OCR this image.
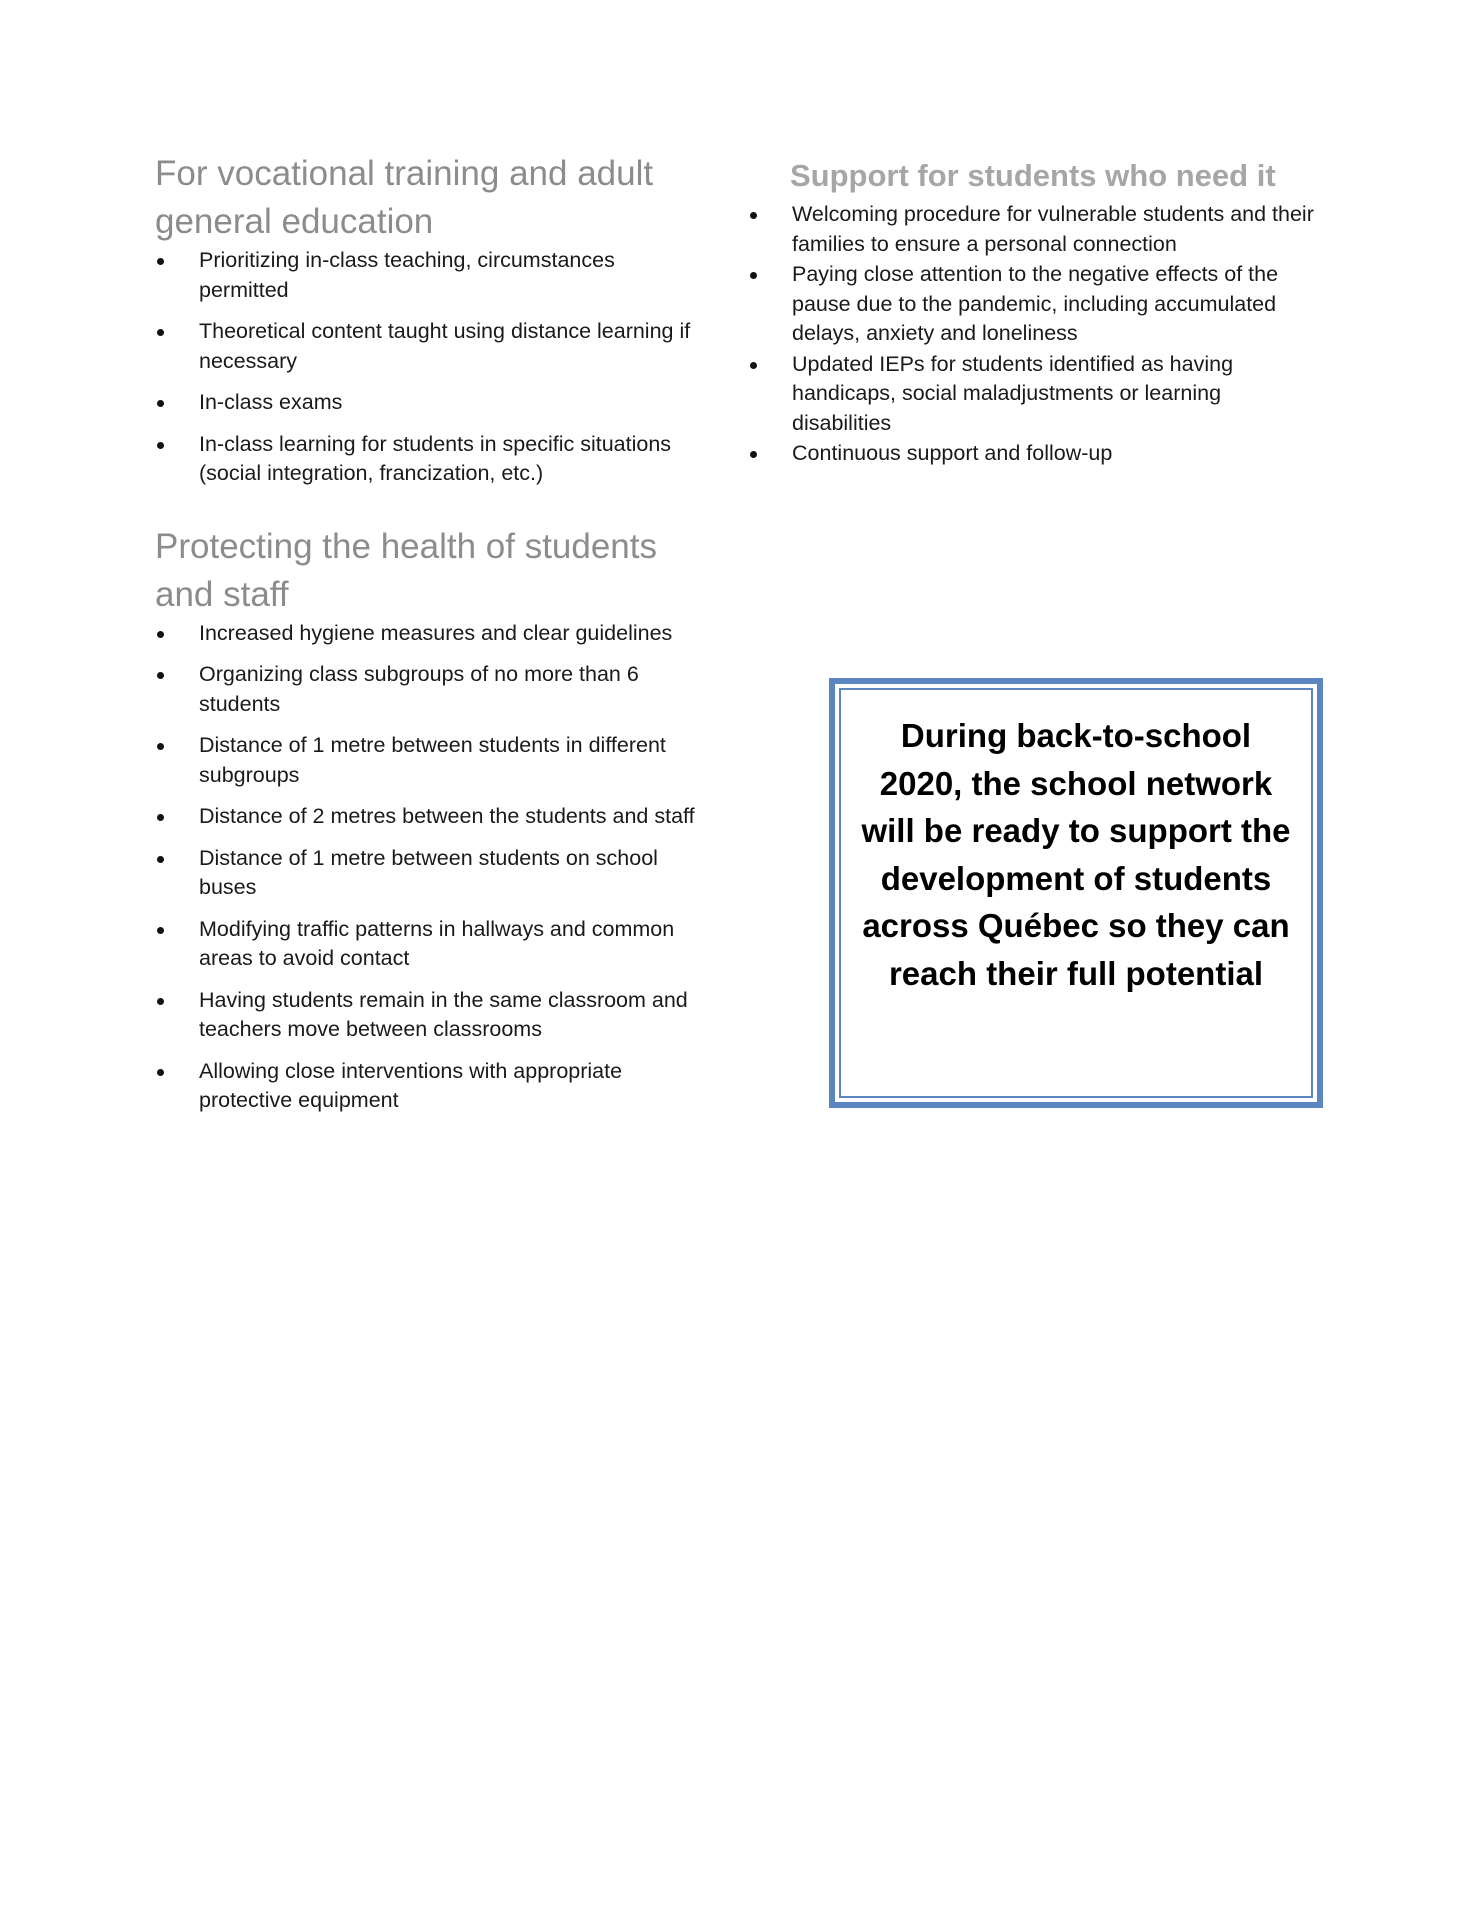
For vocational training and adult general education
Prioritizing in-class teaching, circumstances permitted
Theoretical content taught using distance learning if necessary
In-class exams
In-class learning for students in specific situations (social integration, francization, etc.)
Protecting the health of students and staff
Increased hygiene measures and clear guidelines
Organizing class subgroups of no more than 6 students
Distance of 1 metre between students in different subgroups
Distance of 2 metres between the students and staff
Distance of 1 metre between students on school buses
Modifying traffic patterns in hallways and common areas to avoid contact
Having students remain in the same classroom and teachers move between classrooms
Allowing close interventions with appropriate protective equipment
Support for students who need it
Welcoming procedure for vulnerable students and their families to ensure a personal connection
Paying close attention to the negative effects of the pause due to the pandemic, including accumulated delays, anxiety and loneliness
Updated IEPs for students identified as having handicaps, social maladjustments or learning disabilities
Continuous support and follow-up
During back-to-school 2020, the school network will be ready to support the development of students across Québec so they can reach their full potential
